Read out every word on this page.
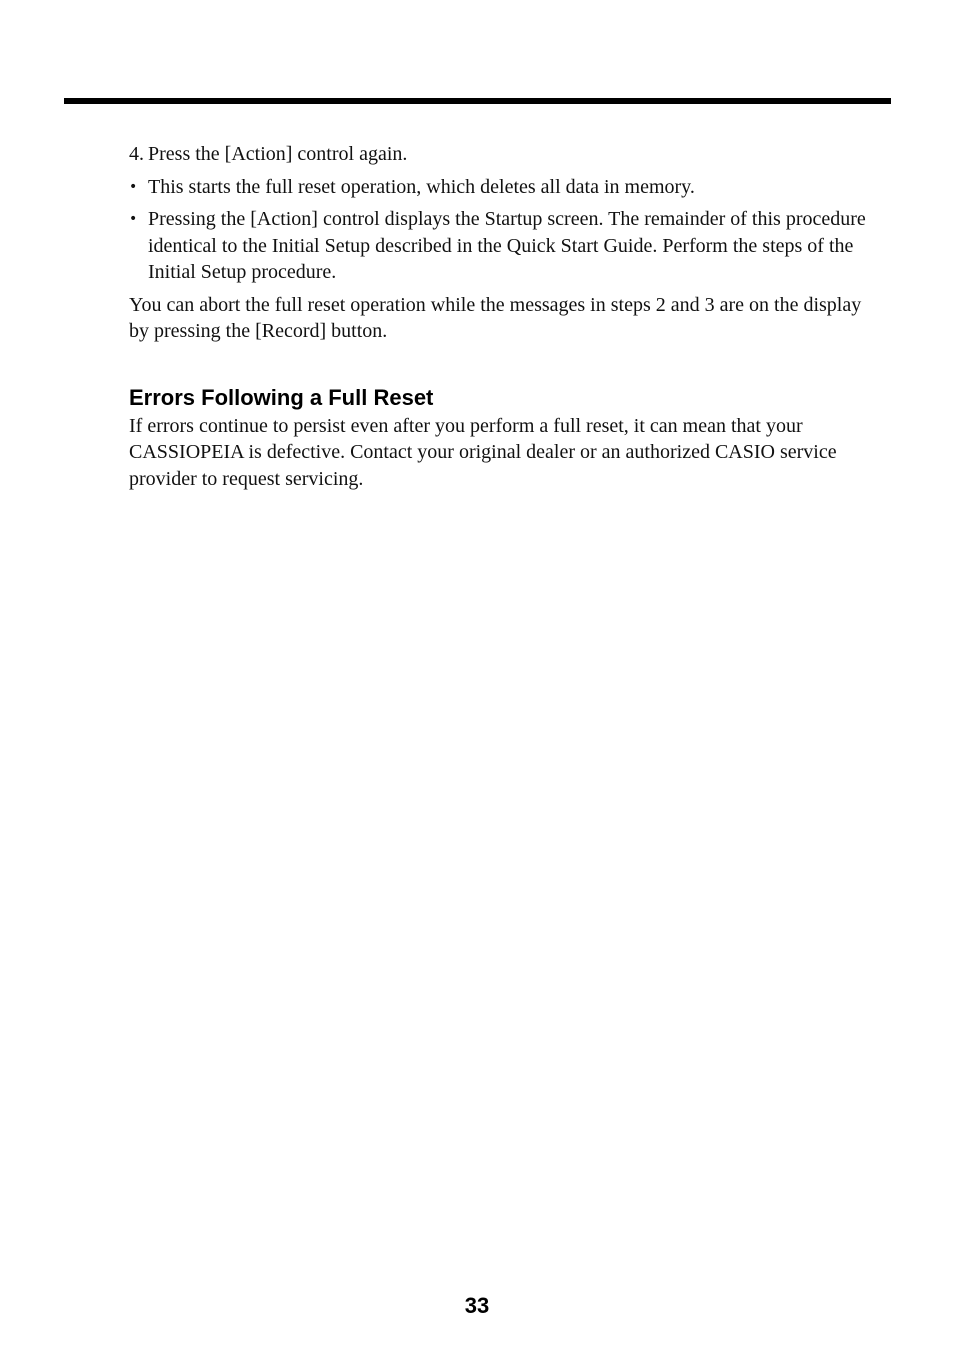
4. Press the [Action] control again.
• This starts the full reset operation, which deletes all data in memory.
• Pressing the [Action] control displays the Startup screen. The remainder of this procedure identical to the Initial Setup described in the Quick Start Guide. Perform the steps of the Initial Setup procedure.

You can abort the full reset operation while the messages in steps 2 and 3 are on the display by pressing the [Record] button.

Errors Following a Full Reset

If errors continue to persist even after you perform a full reset, it can mean that your CASSIOPEIA is defective. Contact your original dealer or an authorized CASIO service provider to request servicing.

33
